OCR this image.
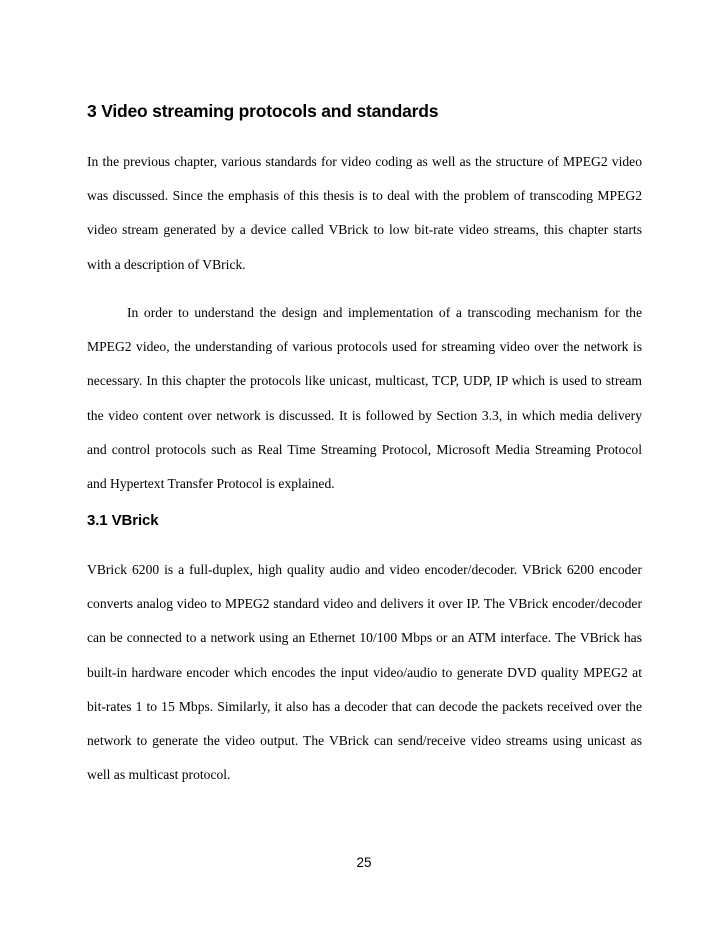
3 Video streaming protocols and standards

In the previous chapter, various standards for video coding as well as the structure of MPEG2 video was discussed. Since the emphasis of this thesis is to deal with the problem of transcoding MPEG2 video stream generated by a device called VBrick to low bit-rate video streams, this chapter starts with a description of VBrick.

In order to understand the design and implementation of a transcoding mechanism for the MPEG2 video, the understanding of various protocols used for streaming video over the network is necessary. In this chapter the protocols like unicast, multicast, TCP, UDP, IP which is used to stream the video content over network is discussed. It is followed by Section 3.3, in which media delivery and control protocols such as Real Time Streaming Protocol, Microsoft Media Streaming Protocol and Hypertext Transfer Protocol is explained.

3.1 VBrick

VBrick 6200 is a full-duplex, high quality audio and video encoder/decoder. VBrick 6200 encoder converts analog video to MPEG2 standard video and delivers it over IP. The VBrick encoder/decoder can be connected to a network using an Ethernet 10/100 Mbps or an ATM interface. The VBrick has built-in hardware encoder which encodes the input video/audio to generate DVD quality MPEG2 at bit-rates 1 to 15 Mbps. Similarly, it also has a decoder that can decode the packets received over the network to generate the video output. The VBrick can send/receive video streams using unicast as well as multicast protocol.

25
